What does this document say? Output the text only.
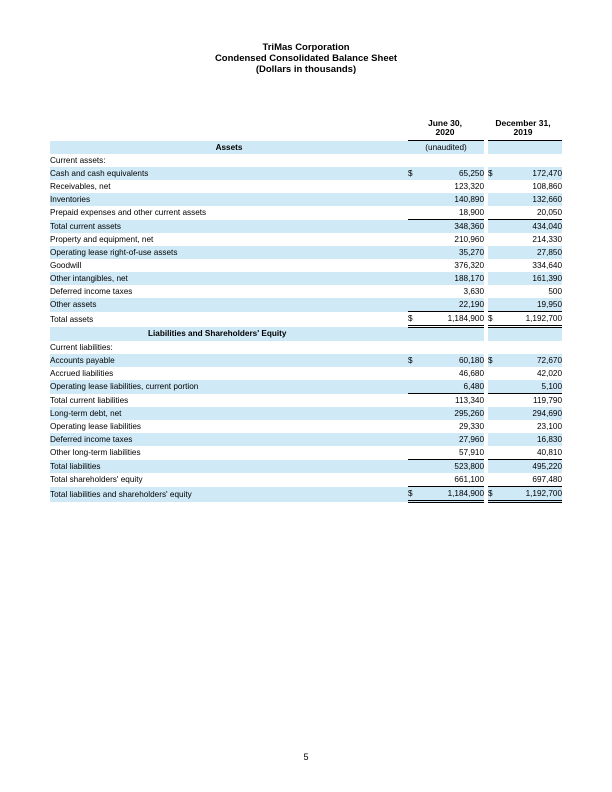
TriMas Corporation
Condensed Consolidated Balance Sheet
(Dollars in thousands)
June 30,
2020
December 31,
2019
Assets	(unaudited)				
Current assets:					
Cash and cash equivalents	$	65,250		$	172,470
Receivables, net		123,320			108,860
Inventories		140,890			132,660
Prepaid expenses and other current assets		18,900			20,050
Total current assets		348,360			434,040
Property and equipment, net		210,960			214,330
Operating lease right-of-use assets		35,270			27,850
Goodwill		376,320			334,640
Other intangibles, net		188,170			161,390
Deferred income taxes		3,630			500
Other assets		22,190			19,950
Total assets	$	1,184,900		$	1,192,700
Liabilities and Shareholders' Equity					
Current liabilities:					
Accounts payable	$	60,180		$	72,670
Accrued liabilities		46,680			42,020
Operating lease liabilities, current portion		6,480			5,100
Total current liabilities		113,340			119,790
Long-term debt, net		295,260			294,690
Operating lease liabilities		29,330			23,100
Deferred income taxes		27,960			16,830
Other long-term liabilities		57,910			40,810
Total liabilities		523,800			495,220
Total shareholders' equity		661,100			697,480
Total liabilities and shareholders' equity	$	1,184,900		$	1,192,700
5
